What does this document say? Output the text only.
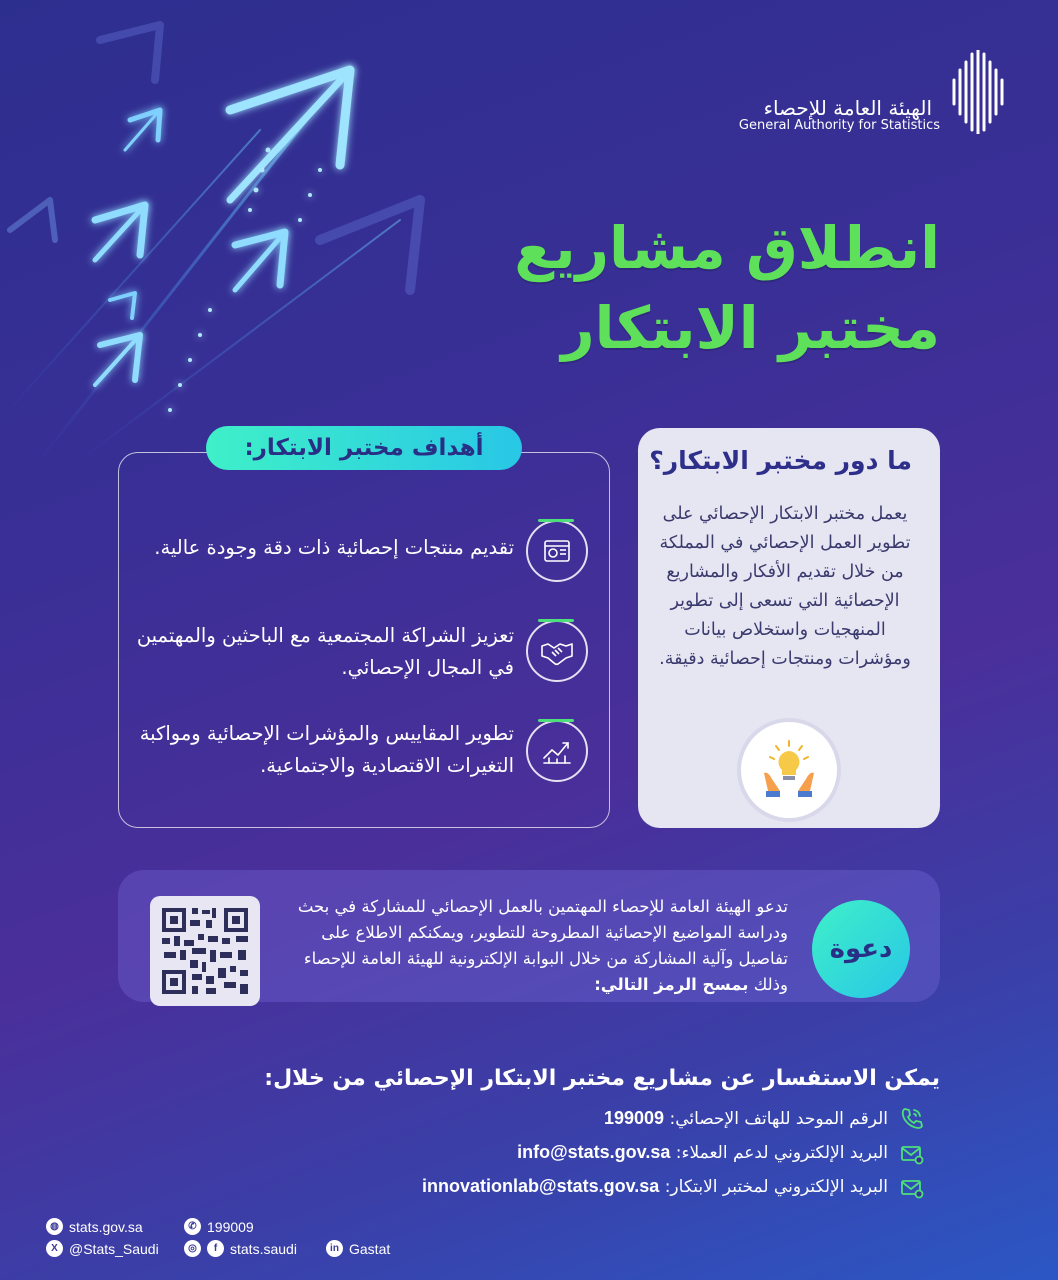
الهيئة العامة للإحصاء
General Authority for Statistics
انطلاق مشاريع
مختبر الابتكار
ما دور مختبر الابتكار؟
يعمل مختبر الابتكار الإحصائي على تطوير العمل الإحصائي في المملكة من خلال تقديم الأفكار والمشاريع الإحصائية التي تسعى إلى تطوير المنهجيات واستخلاص بيانات ومؤشرات ومنتجات إحصائية دقيقة.
أهداف مختبر الابتكار:
تقديم منتجات إحصائية ذات دقة وجودة عالية.
تعزيز الشراكة المجتمعية مع الباحثين والمهتمين في المجال الإحصائي.
تطوير المقاييس والمؤشرات الإحصائية ومواكبة التغيرات الاقتصادية والاجتماعية.
تدعو الهيئة العامة للإحصاء المهتمين بالعمل الإحصائي للمشاركة في بحث ودراسة المواضيع الإحصائية المطروحة للتطوير، ويمكنكم الاطلاع على تفاصيل وآلية المشاركة من خلال البوابة الإلكترونية للهيئة العامة للإحصاء وذلك بمسح الرمز التالي:
دعوة
يمكن الاستفسار عن مشاريع مختبر الابتكار الإحصائي من خلال:
الرقم الموحد للهاتف الإحصائي: 199009
البريد الإلكتروني لدعم العملاء: info@stats.gov.sa
البريد الإلكتروني لمختبر الابتكار: innovationlab@stats.gov.sa
◍ stats.gov.sa	✆ 199009
X @Stats_Saudi	◎	f stats.saudi	in Gastat
